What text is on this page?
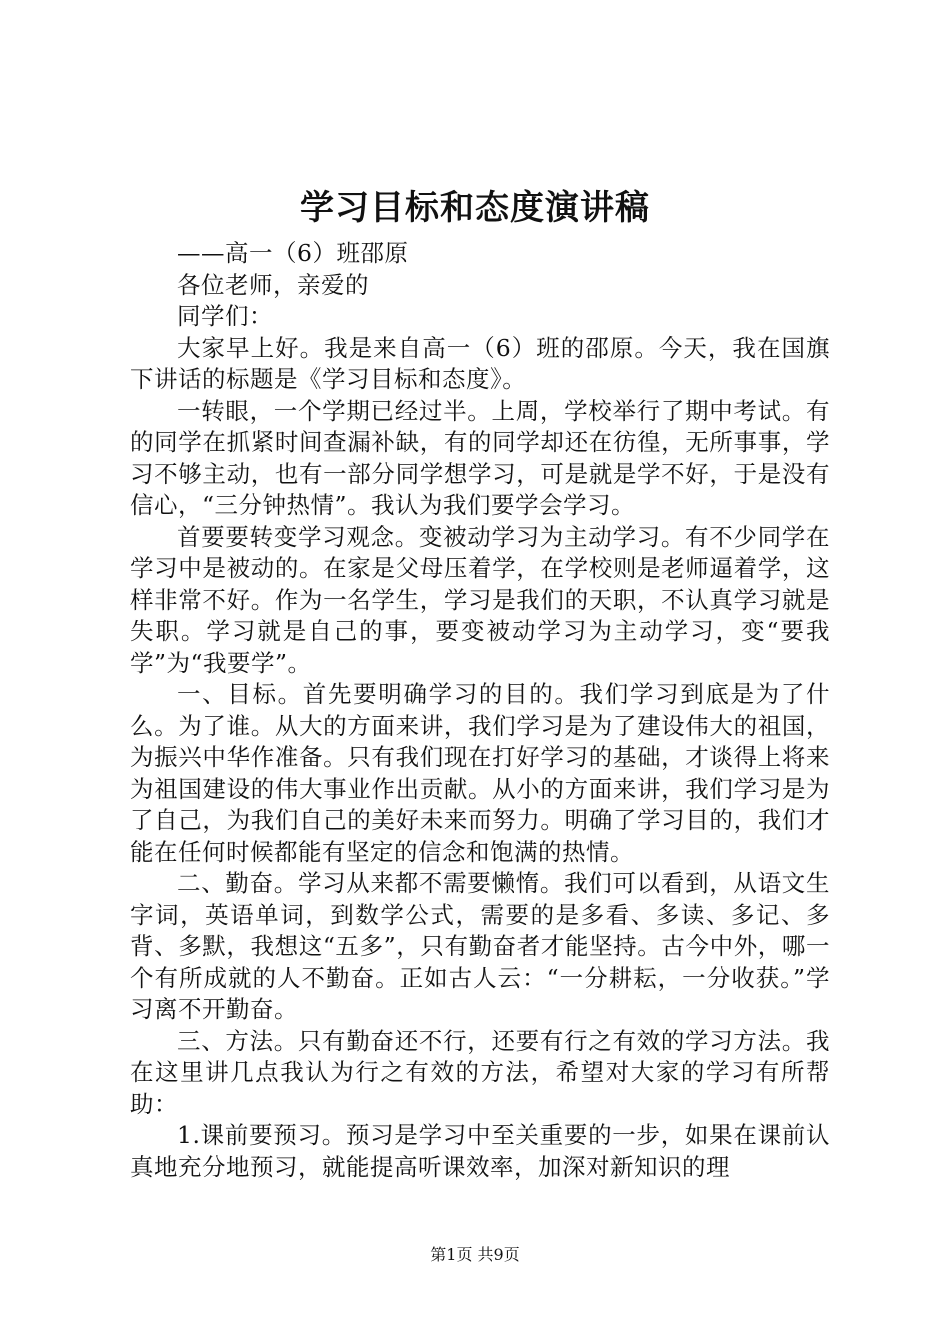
学习目标和态度演讲稿

——高一（6）班邵原

各位老师，亲爱的

同学们：

大家早上好。我是来自高一（6）班的邵原。今天，我在国旗下讲话的标题是《学习目标和态度》。

一转眼，一个学期已经过半。上周，学校举行了期中考试。有的同学在抓紧时间查漏补缺，有的同学却还在彷徨，无所事事，学习不够主动，也有一部分同学想学习，可是就是学不好，于是没有信心，“三分钟热情”。我认为我们要学会学习。

首要要转变学习观念。变被动学习为主动学习。有不少同学在学习中是被动的。在家是父母压着学，在学校则是老师逼着学，这样非常不好。作为一名学生，学习是我们的天职，不认真学习就是失职。学习就是自己的事，要变被动学习为主动学习，变“要我学”为“我要学”。

一、目标。首先要明确学习的目的。我们学习到底是为了什么。为了谁。从大的方面来讲，我们学习是为了建设伟大的祖国，为振兴中华作准备。只有我们现在打好学习的基础，才谈得上将来为祖国建设的伟大事业作出贡献。从小的方面来讲，我们学习是为了自己，为我们自己的美好未来而努力。明确了学习目的，我们才能在任何时候都能有坚定的信念和饱满的热情。

二、勤奋。学习从来都不需要懒惰。我们可以看到，从语文生字词，英语单词，到数学公式，需要的是多看、多读、多记、多背、多默，我想这“五多”，只有勤奋者才能坚持。古今中外，哪一个有所成就的人不勤奋。正如古人云：“一分耕耘，一分收获。”学习离不开勤奋。

三、方法。只有勤奋还不行，还要有行之有效的学习方法。我在这里讲几点我认为行之有效的方法，希望对大家的学习有所帮助：

1.课前要预习。预习是学习中至关重要的一步，如果在课前认真地充分地预习，就能提高听课效率，加深对新知识的理

第1页 共9页
